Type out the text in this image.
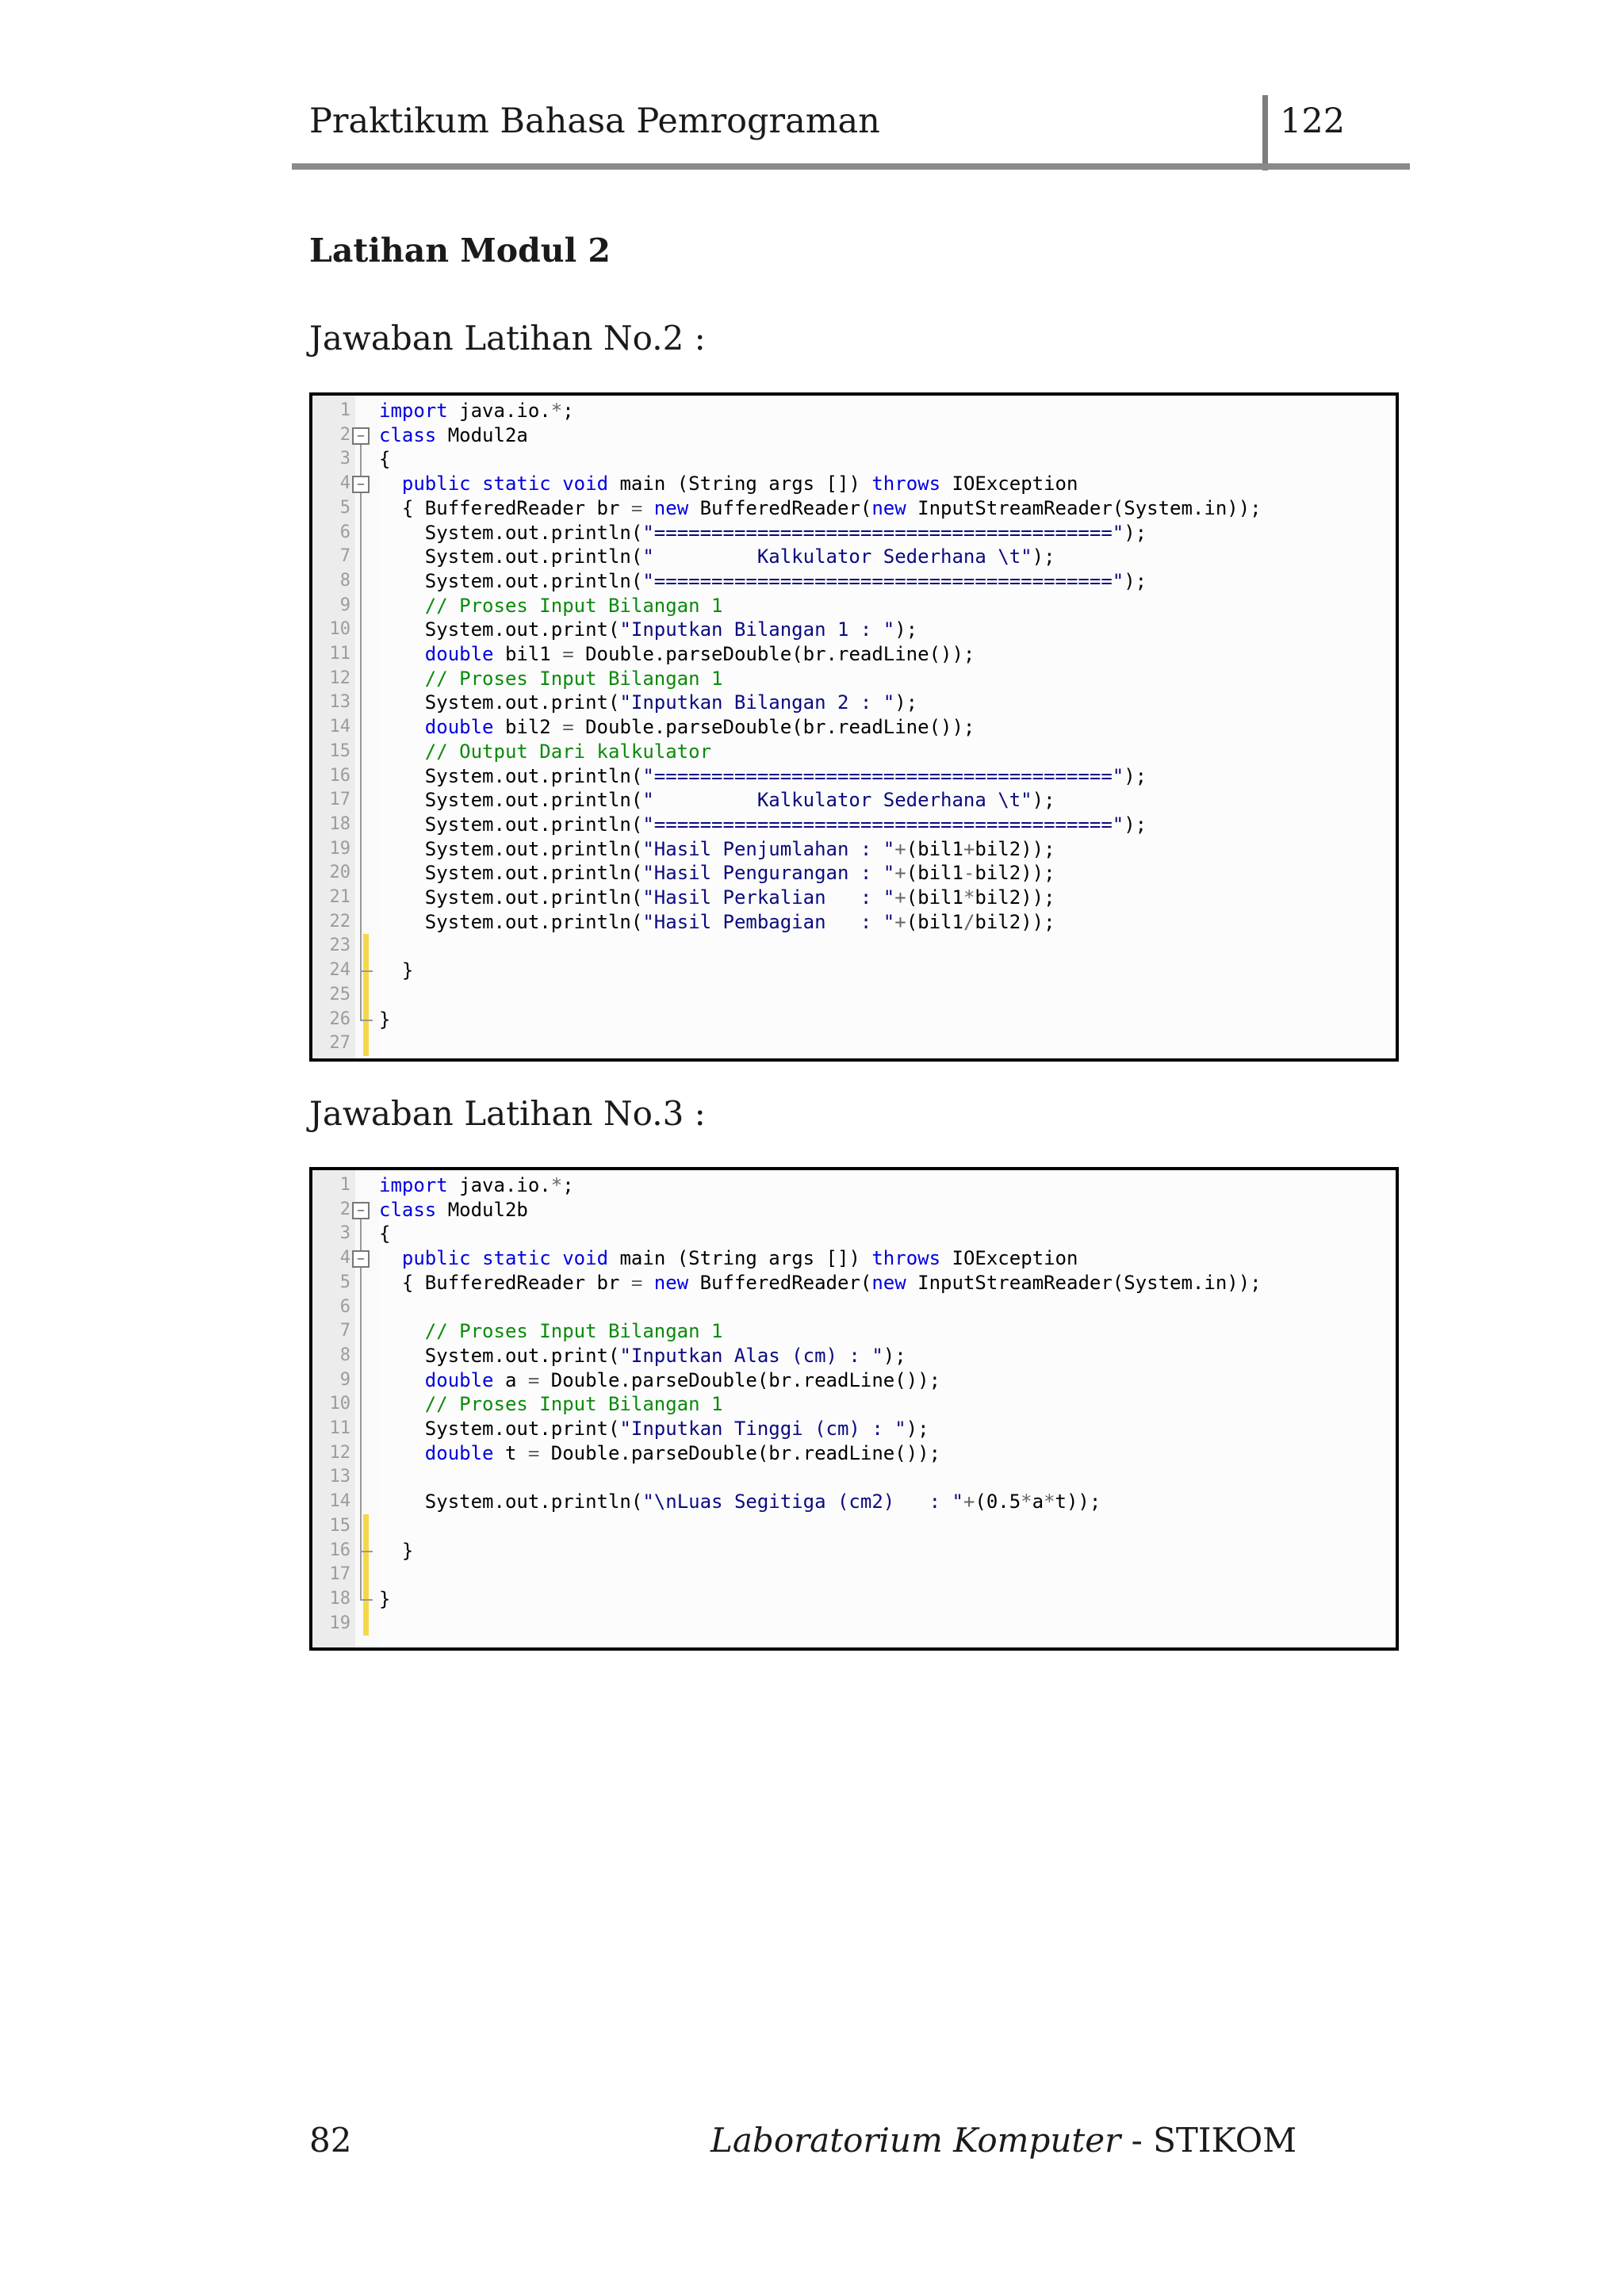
Praktikum Bahasa Pemrograman	122
Latihan Modul 2
Jawaban Latihan No.2 :
−
−
1 import java.io.*;
2 class Modul2a
3 {
4	public static void main (String args []) throws IOException
5 { BufferedReader br = new BufferedReader(new InputStreamReader(System.in));
6 System.out.println("========================================");
7 System.out.println("         Kalkulator Sederhana \t");
8 System.out.println("========================================");
9	// Proses Input Bilangan 1
10 System.out.print("Inputkan Bilangan 1 : ");
11	double bil1 = Double.parseDouble(br.readLine());
12	// Proses Input Bilangan 1
13 System.out.print("Inputkan Bilangan 2 : ");
14	double bil2 = Double.parseDouble(br.readLine());
15	// Output Dari kalkulator
16 System.out.println("========================================");
17 System.out.println("         Kalkulator Sederhana \t");
18 System.out.println("========================================");
19 System.out.println("Hasil Penjumlahan : "+(bil1+bil2));
20 System.out.println("Hasil Pengurangan : "+(bil1-bil2));
21 System.out.println("Hasil Perkalian   : "+(bil1*bil2));
22 System.out.println("Hasil Pembagian   : "+(bil1/bil2));
23
24 }
25
26 }
27
Jawaban Latihan No.3 :
−
−
1 import java.io.*;
2 class Modul2b
3 {
4	public static void main (String args []) throws IOException
5 { BufferedReader br = new BufferedReader(new InputStreamReader(System.in));
6
7	// Proses Input Bilangan 1
8 System.out.print("Inputkan Alas (cm) : ");
9	double a = Double.parseDouble(br.readLine());
10	// Proses Input Bilangan 1
11 System.out.print("Inputkan Tinggi (cm) : ");
12	double t = Double.parseDouble(br.readLine());
13
14 System.out.println("\nLuas Segitiga (cm2)   : "+(0.5*a*t));
15
16 }
17
18 }
19
82	Laboratorium Komputer - STIKOM
